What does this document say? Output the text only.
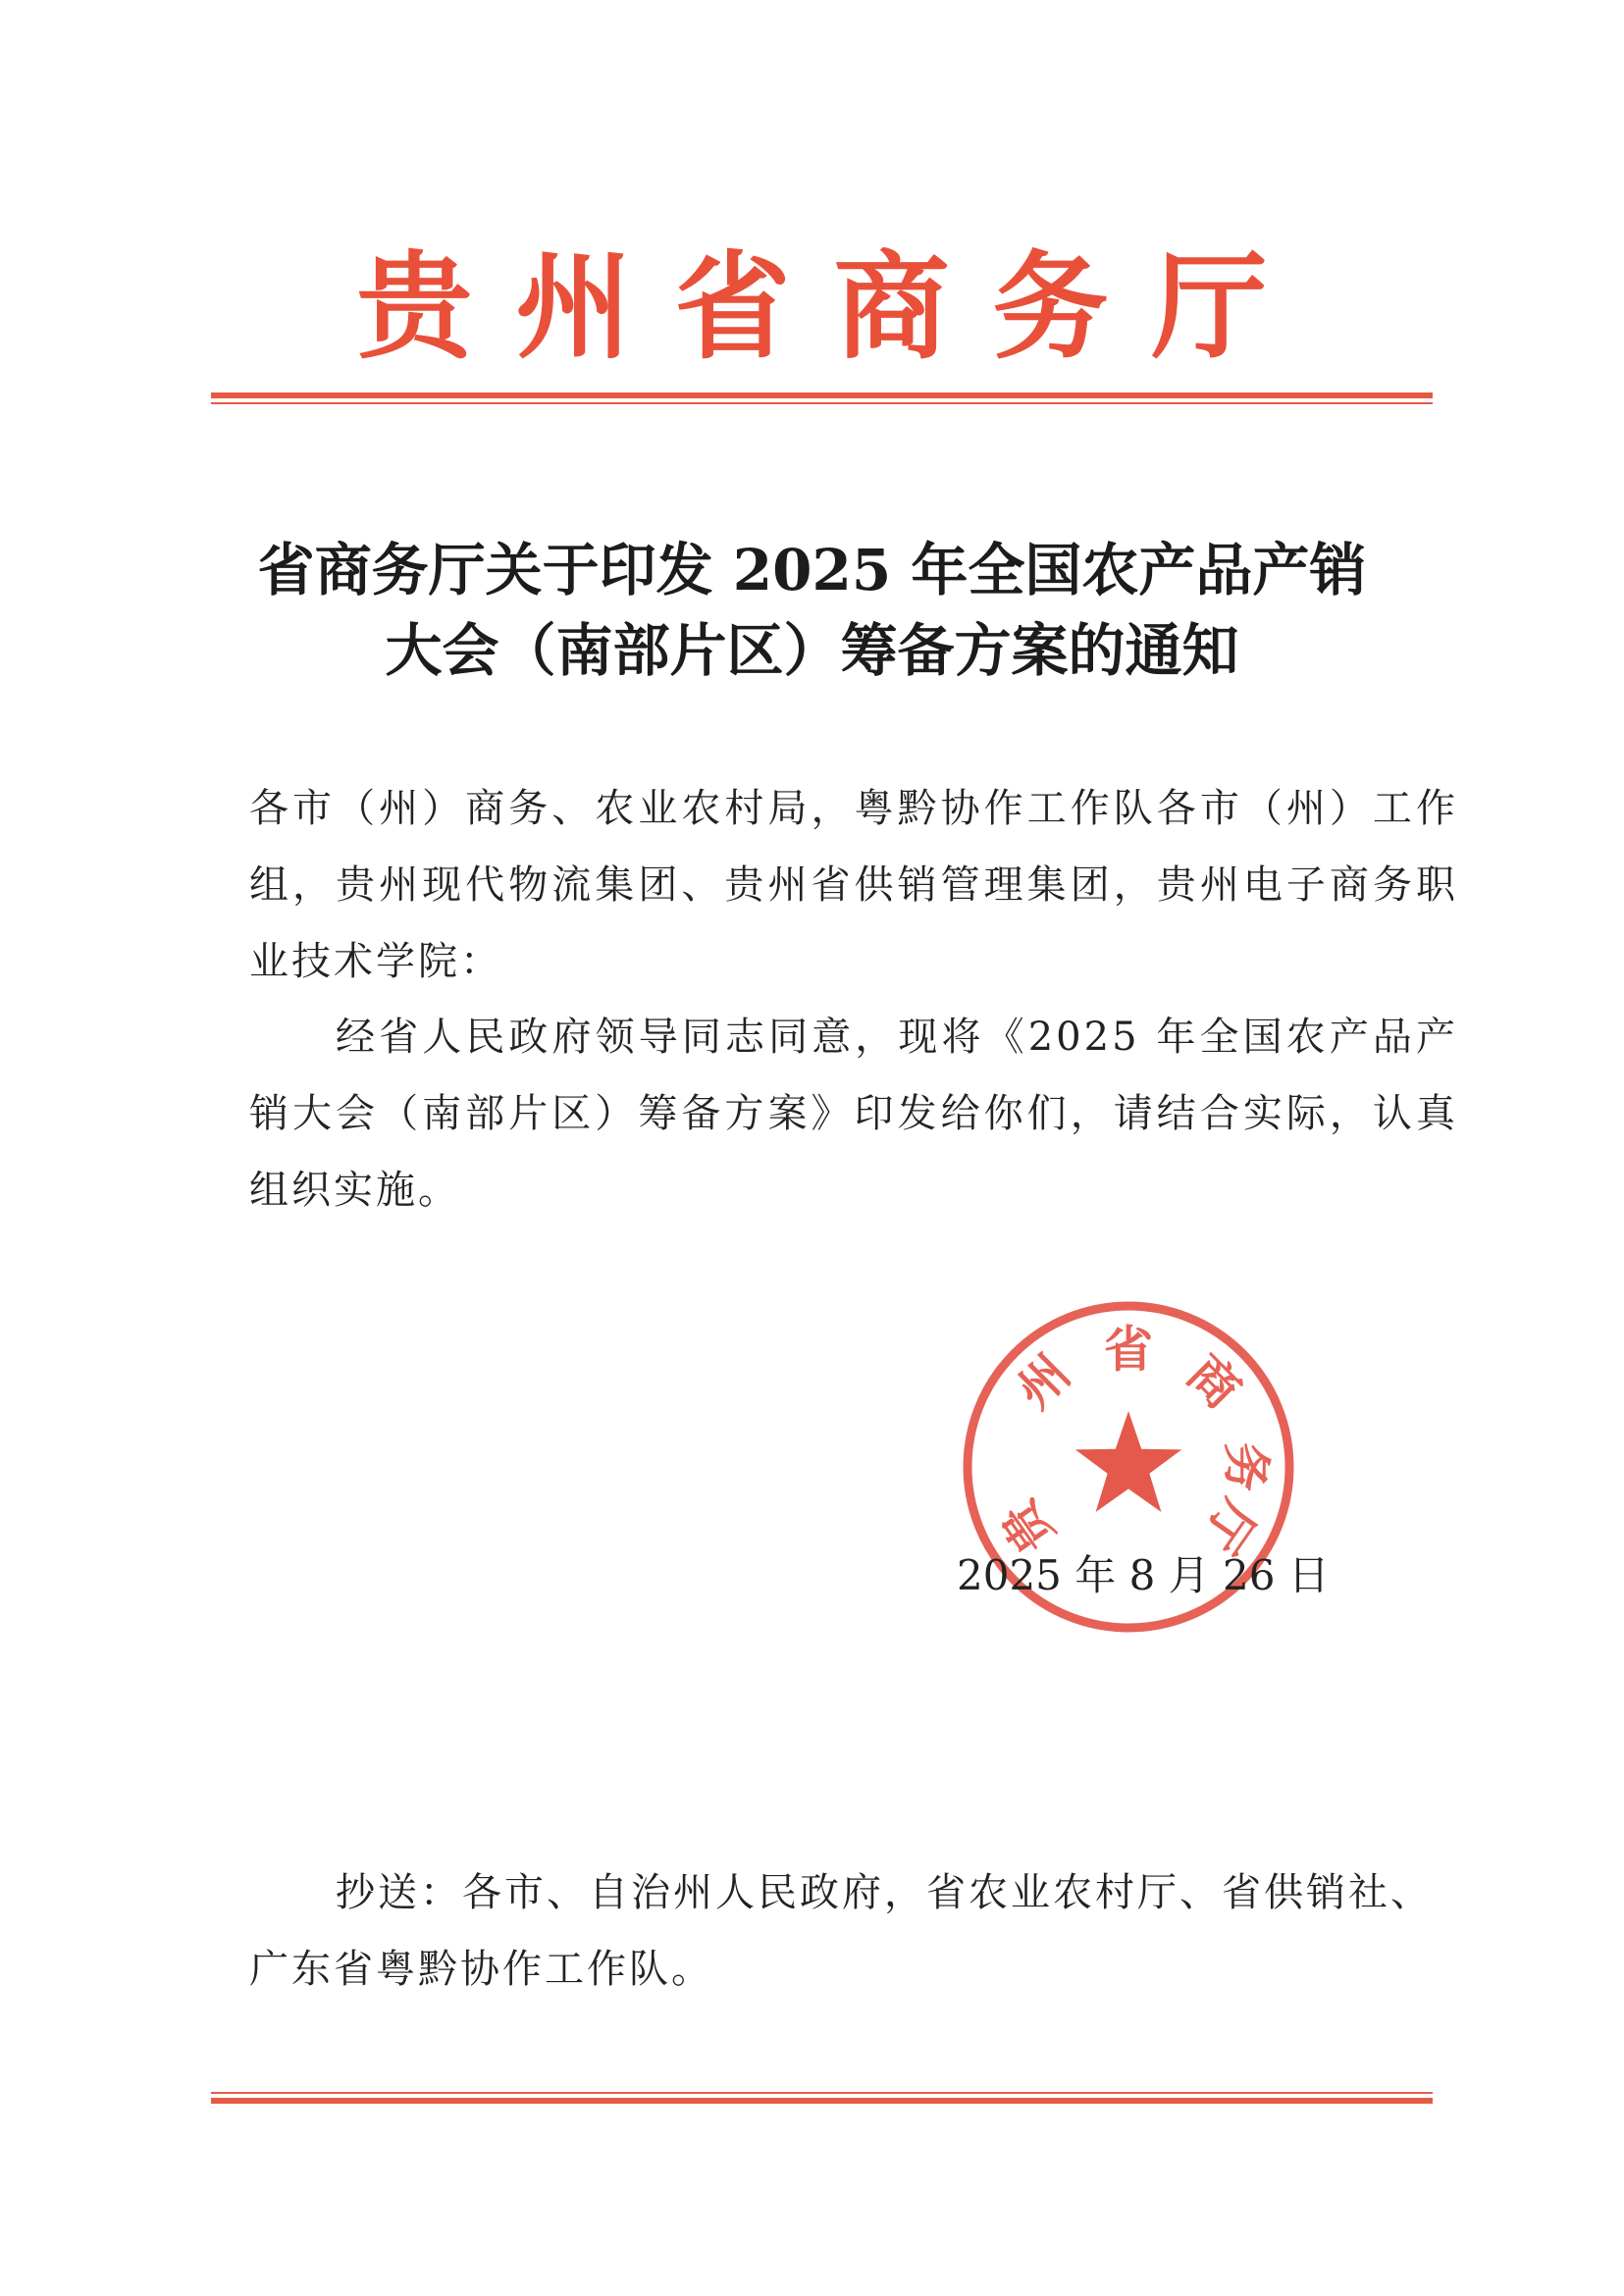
贵州省商务厅
省商务厅关于印发 2025 年全国农产品产销
大会（南部片区）筹备方案的通知
各市（州）商务、农业农村局，粤黔协作工作队各市（州）工作组，贵州现代物流集团、贵州省供销管理集团，贵州电子商务职业技术学院：
经省人民政府领导同志同意，现将《2025 年全国农产品产销大会（南部片区）筹备方案》印发给你们，请结合实际，认真组织实施。
贵
州 省 商
务
厅
2025 年 8 月 26 日
抄送：各市、自治州人民政府，省农业农村厅、省供销社、
广东省粤黔协作工作队。
